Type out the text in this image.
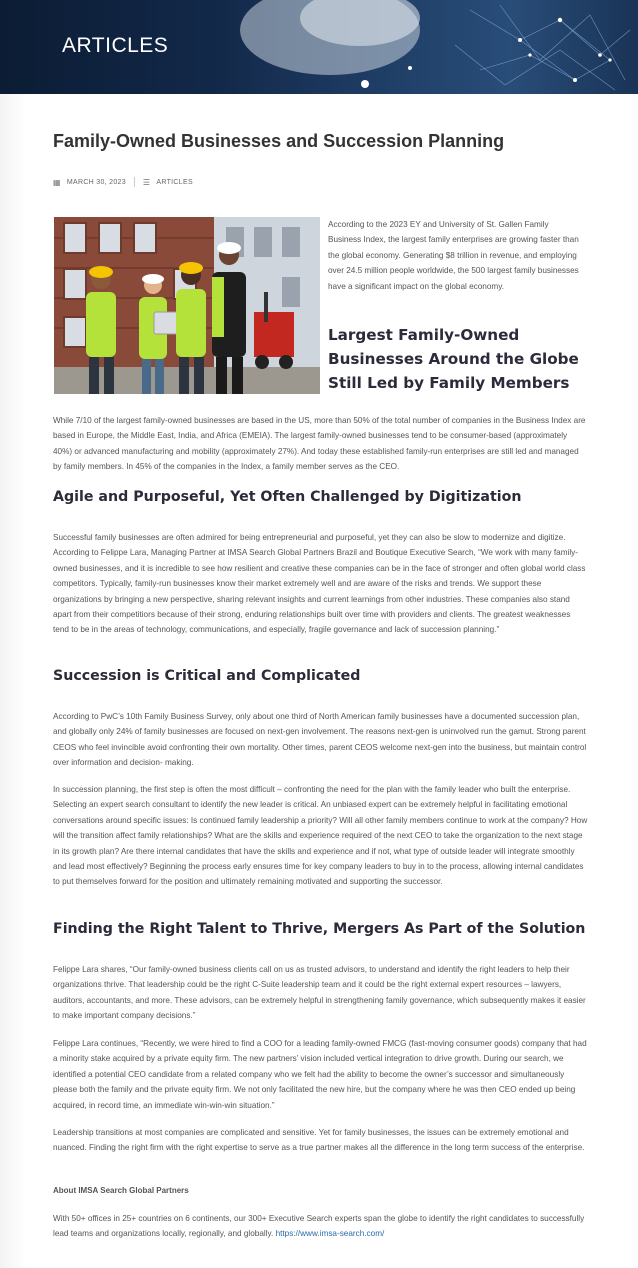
ARTICLES
Family-Owned Businesses and Succession Planning
▦ MARCH 30, 2023 ☰ ARTICLES

According to the 2023 EY and University of St. Gallen Family Business Index, the largest family enterprises are growing faster than the global economy. Generating $8 trillion in revenue, and employing over 24.5 million people worldwide, the 500 largest family businesses have a significant impact on the global economy.

Largest Family-Owned Businesses Around the Globe Still Led by Family Members

While 7/10 of the largest family-owned businesses are based in the US, more than 50% of the total number of companies in the Business Index are based in Europe, the Middle East, India, and Africa (EMEIA). The largest family-owned businesses tend to be consumer-based (approximately 40%) or advanced manufacturing and mobility (approximately 27%). And today these established family-run enterprises are still led and managed by family members. In 45% of the companies in the Index, a family member serves as the CEO.

Agile and Purposeful, Yet Often Challenged by Digitization

Successful family businesses are often admired for being entrepreneurial and purposeful, yet they can also be slow to modernize and digitize. According to Felippe Lara, Managing Partner at IMSA Search Global Partners Brazil and Boutique Executive Search, “We work with many family-owned businesses, and it is incredible to see how resilient and creative these companies can be in the face of stronger and often global world class competitors. Typically, family-run businesses know their market extremely well and are aware of the risks and trends. We support these organizations by bringing a new perspective, sharing relevant insights and current learnings from other industries. These companies also stand apart from their competitiors because of their strong, enduring relationships built over time with providers and clients. The greatest weaknesses tend to be in the areas of technology, communications, and especially, fragile governance and lack of succession planning.”

Succession is Critical and Complicated

According to PwC’s 10th Family Business Survey, only about one third of North American family businesses have a documented succession plan, and globally only 24% of family businesses are focused on next-gen involvement. The reasons next-gen is uninvolved run the gamut. Strong parent CEOS who feel invincible avoid confronting their own mortality. Other times, parent CEOS welcome next-gen into the business, but maintain control over information and decision- making.

In succession planning, the first step is often the most difficult – confronting the need for the plan with the family leader who built the enterprise. Selecting an expert search consultant to identify the new leader is critical. An unbiased expert can be extremely helpful in facilitating emotional conversations around specific issues: Is continued family leadership a priority? Will all other family members continue to work at the company? How will the transition affect family relationships? What are the skills and experience required of the next CEO to take the organization to the next stage in its growth plan? Are there internal candidates that have the skills and experience and if not, what type of outside leader will integrate smoothly and lead most effectively? Beginning the process early ensures time for key company leaders to buy in to the process, allowing internal candidates to put themselves forward for the position and ultimately remaining motivated and supporting the successor.

Finding the Right Talent to Thrive, Mergers As Part of the Solution

Felippe Lara shares, “Our family-owned business clients call on us as trusted advisors, to understand and identify the right leaders to help their organizations thrive. That leadership could be the right C-Suite leadership team and it could be the right external expert resources – lawyers, auditors, accountants, and more. These advisors, can be extremely helpful in strengthening family governance, which subsequently makes it easier to make important company decisions.”

Felippe Lara continues, “Recently, we were hired to find a COO for a leading family-owned FMCG (fast-moving consumer goods) company that had a minority stake acquired by a private equity firm. The new partners’ vision included vertical integration to drive growth. During our search, we identified a potential CEO candidate from a related company who we felt had the ability to become the owner’s successor and simultaneously please both the family and the private equity firm. We not only facilitated the new hire, but the company where he was then CEO ended up being acquired, in record time, an immediate win-win-win situation.”

Leadership transitions at most companies are complicated and sensitive. Yet for family businesses, the issues can be extremely emotional and nuanced. Finding the right firm with the right expertise to serve as a true partner makes all the difference in the long term success of the enterprise.

About IMSA Search Global Partners

With 50+ offices in 25+ countries on 6 continents, our 300+ Executive Search experts span the globe to identify the right candidates to successfully lead teams and organizations locally, regionally, and globally. https://www.imsa-search.com/
